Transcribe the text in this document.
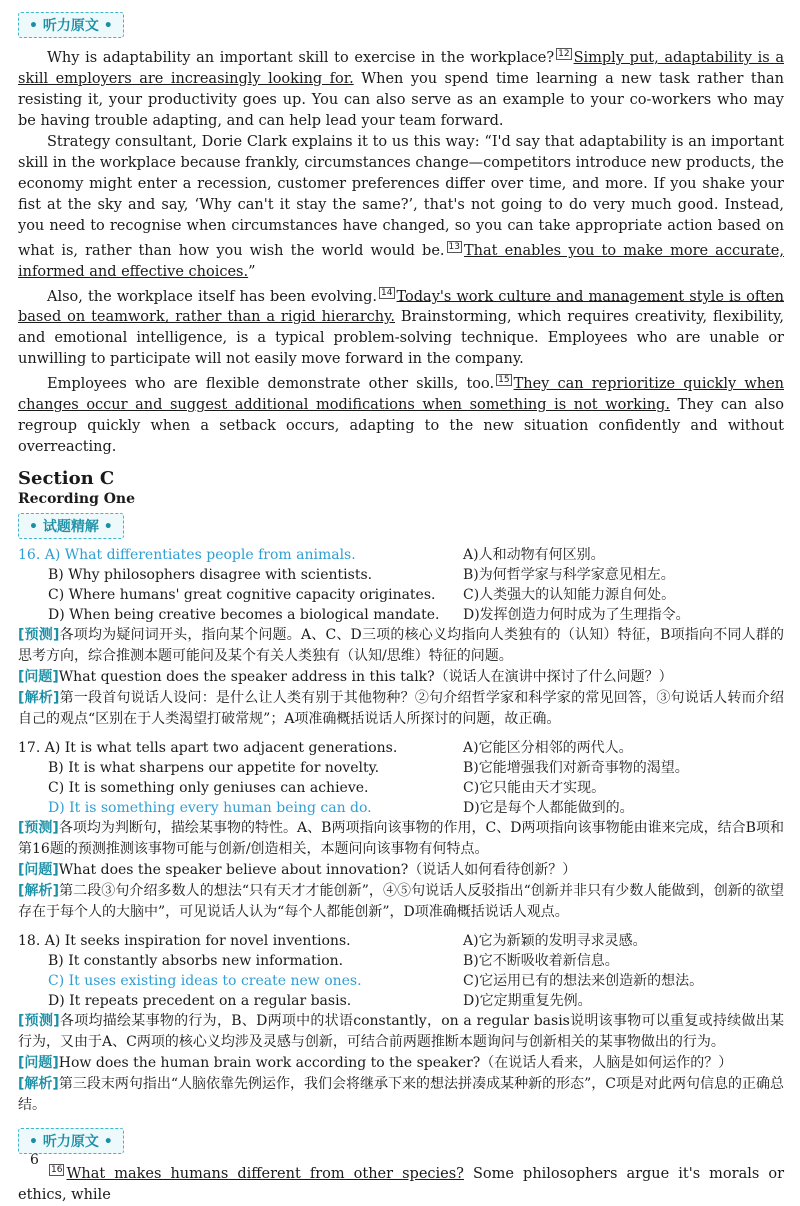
• 听力原文 •

Why is adaptability an important skill to exercise in the workplace? $^{12}$ Simply put, adaptability is a skill employers are increasingly looking for. When you spend time learning a new task rather than resisting it, your productivity goes up. You can also serve as an example to your co-workers who may be having trouble adapting, and can help lead your team forward.

Strategy consultant, Dorie Clark explains it to us this way: “I'd say that adaptability is an important skill in the workplace because frankly, circumstances change—competitors introduce new products, the economy might enter a recession, customer preferences differ over time, and more. If you shake your fist at the sky and say, ‘Why can't it stay the same?’, that's not going to do very much good. Instead, you need to recognise when circumstances have changed, so you can take appropriate action based on what is, rather than how you wish the world would be. $^{13}$ That enables you to make more accurate, informed and effective choices.”

Also, the workplace itself has been evolving. $^{14}$ Today's work culture and management style is often based on teamwork, rather than a rigid hierarchy. Brainstorming, which requires creativity, flexibility, and emotional intelligence, is a typical problem-solving technique. Employees who are unable or unwilling to participate will not easily move forward in the company.

Employees who are flexible demonstrate other skills, too. $^{15}$ They can reprioritize quickly when changes occur and suggest additional modifications when something is not working. They can also regroup quickly when a setback occurs, adapting to the new situation confidently and without overreacting.

Section C
Recording One
• 试题精解 •
16. A) What differentiates people from animals.	A)人和动物有何区别。
B) Why philosophers disagree with scientists.	B)为何哲学家与科学家意见相左。
C) Where humans' great cognitive capacity originates.	C)人类强大的认知能力源自何处。
D) When being creative becomes a biological mandate.	D)发挥创造力何时成为了生理指令。

[预测]各项均为疑问词开头，指向某个问题。A、C、D三项的核心义均指向人类独有的（认知）特征，B项指向不同人群的思考方向，综合推测本题可能问及某个有关人类独有（认知/思维）特征的问题。

[问题]What question does the speaker address in this talk?（说话人在演讲中探讨了什么问题？）

[解析]第一段首句说话人设问：是什么让人类有别于其他物种？②句介绍哲学家和科学家的常见回答，③句说话人转而介绍自己的观点“区别在于人类渴望打破常规”；A项准确概括说话人所探讨的问题，故正确。

17. A) It is what tells apart two adjacent generations.	A)它能区分相邻的两代人。
B) It is what sharpens our appetite for novelty.	B)它能增强我们对新奇事物的渴望。
C) It is something only geniuses can achieve.	C)它只能由天才实现。
D) It is something every human being can do.	D)它是每个人都能做到的。

[预测]各项均为判断句，描绘某事物的特性。A、B两项指向该事物的作用，C、D两项指向该事物能由谁来完成，结合B项和第16题的预测推测该事物可能与创新/创造相关，本题问向该事物有何特点。

[问题]What does the speaker believe about innovation?（说话人如何看待创新？）

[解析]第二段③句介绍多数人的想法“只有天才才能创新”，④⑤句说话人反驳指出“创新并非只有少数人能做到，创新的欲望存在于每个人的大脑中”，可见说话人认为“每个人都能创新”，D项准确概括说话人观点。

18. A) It seeks inspiration for novel inventions.	A)它为新颖的发明寻求灵感。
B) It constantly absorbs new information.	B)它不断吸收着新信息。
C) It uses existing ideas to create new ones.	C)它运用已有的想法来创造新的想法。
D) It repeats precedent on a regular basis.	D)它定期重复先例。

[预测]各项均描绘某事物的行为，B、D两项中的状语constantly，on a regular basis说明该事物可以重复或持续做出某行为，又由于A、C两项的核心义均涉及灵感与创新，可结合前两题推断本题询问与创新相关的某事物做出的行为。

[问题]How does the human brain work according to the speaker?（在说话人看来，人脑是如何运作的？）

[解析]第三段末两句指出“人脑依靠先例运作，我们会将继承下来的想法拼凑成某种新的形态”，C项是对此两句信息的正确总结。

• 听力原文 •

$^{16}$ What makes humans different from other species? Some philosophers argue it's morals or ethics, while

6
